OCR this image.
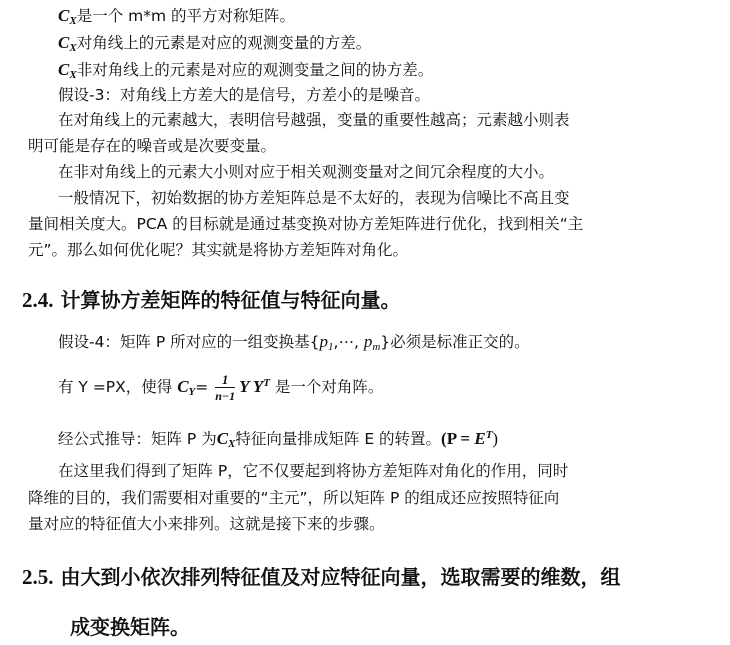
$C_X$是一个 m*m 的平方对称矩阵。
$C_X$对角线上的元素是对应的观测变量的方差。
$C_X$非对角线上的元素是对应的观测变量之间的协方差。
假设-3：对角线上方差大的是信号，方差小的是噪音。
在对角线上的元素越大，表明信号越强，变量的重要性越高；元素越小则表
明可能是存在的噪音或是次要变量。
在非对角线上的元素大小则对应于相关观测变量对之间冗余程度的大小。
一般情况下，初始数据的协方差矩阵总是不太好的，表现为信噪比不高且变
量间相关度大。PCA 的目标就是通过基变换对协方差矩阵进行优化，找到相关“主
元”。那么如何优化呢？其实就是将协方差矩阵对角化。
2.4. 计算协方差矩阵的特征值与特征向量。
假设-4：矩阵 P 所对应的一组变换基{$p_1,\cdots$, $p_m$}必须是标准正交的。
有 Y =PX，使得 $C_Y= \frac{1}{n-1}$ Y $Y^T$ 是一个对角阵。
经公式推导：矩阵 P 为$C_X$特征向量排成矩阵 E 的转置。$(P = E^T)$
在这里我们得到了矩阵 P，它不仅要起到将协方差矩阵对角化的作用，同时
降维的目的，我们需要相对重要的“主元”，所以矩阵 P 的组成还应按照特征向
量对应的特征值大小来排列。这就是接下来的步骤。
2.5. 由大到小依次排列特征值及对应特征向量，选取需要的维数，组
成变换矩阵。
